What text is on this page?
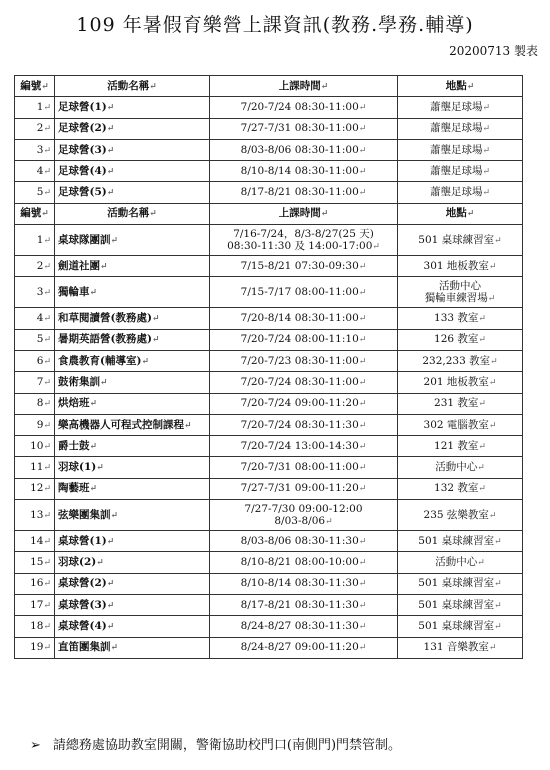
109 年暑假育樂營上課資訊(教務.學務.輔導)
20200713 製表
編號↵	活動名稱↵	上課時間↵	地點↵
1↵	足球營(1)↵	7/20-7/24 08:30-11:00↵	蕭壟足球場↵
2↵	足球營(2)↵	7/27-7/31 08:30-11:00↵	蕭壟足球場↵
3↵	足球營(3)↵	8/03-8/06 08:30-11:00↵	蕭壟足球場↵
4↵	足球營(4)↵	8/10-8/14 08:30-11:00↵	蕭壟足球場↵
5↵	足球營(5)↵	8/17-8/21 08:30-11:00↵	蕭壟足球場↵
編號↵	活動名稱↵	上課時間↵	地點↵
1↵	桌球隊團訓↵	7/16-7/24，8/3-8/27(25 天)
08:30-11:30 及 14:00-17:00↵	501 桌球練習室↵
2↵	劍道社團↵	7/15-8/21 07:30-09:30↵	301 地板教室↵
3↵	獨輪車↵	7/15-7/17 08:00-11:00↵	活動中心
獨輪車練習場↵
4↵	和草閱讀營(教務處)↵	7/20-8/14 08:30-11:00↵	133 教室↵
5↵	暑期英語營(教務處)↵	7/20-7/24 08:00-11:10↵	126 教室↵
6↵	食農教育(輔導室)↵	7/20-7/23 08:30-11:00↵	232,233 教室↵
7↵	鼓術集訓↵	7/20-7/24 08:30-11:00↵	201 地板教室↵
8↵	烘焙班↵	7/20-7/24 09:00-11:20↵	231 教室↵
9↵	樂高機器人可程式控制課程↵	7/20-7/24 08:30-11:30↵	302 電腦教室↵
10↵	爵士鼓↵	7/20-7/24 13:00-14:30↵	121 教室↵
11↵	羽球(1)↵	7/20-7/31 08:00-11:00↵	活動中心↵
12↵	陶藝班↵	7/27-7/31 09:00-11:20↵	132 教室↵
13↵	弦樂團集訓↵	7/27-7/30 09:00-12:00
8/03-8/06↵	235 弦樂教室↵
14↵	桌球營(1)↵	8/03-8/06 08:30-11:30↵	501 桌球練習室↵
15↵	羽球(2)↵	8/10-8/21 08:00-10:00↵	活動中心↵
16↵	桌球營(2)↵	8/10-8/14 08:30-11:30↵	501 桌球練習室↵
17↵	桌球營(3)↵	8/17-8/21 08:30-11:30↵	501 桌球練習室↵
18↵	桌球營(4)↵	8/24-8/27 08:30-11:30↵	501 桌球練習室↵
19↵	直笛團集訓↵	8/24-8/27 09:00-11:20↵	131 音樂教室↵
➢ 請總務處協助教室開關，警衛協助校門口(南側門)門禁管制。
